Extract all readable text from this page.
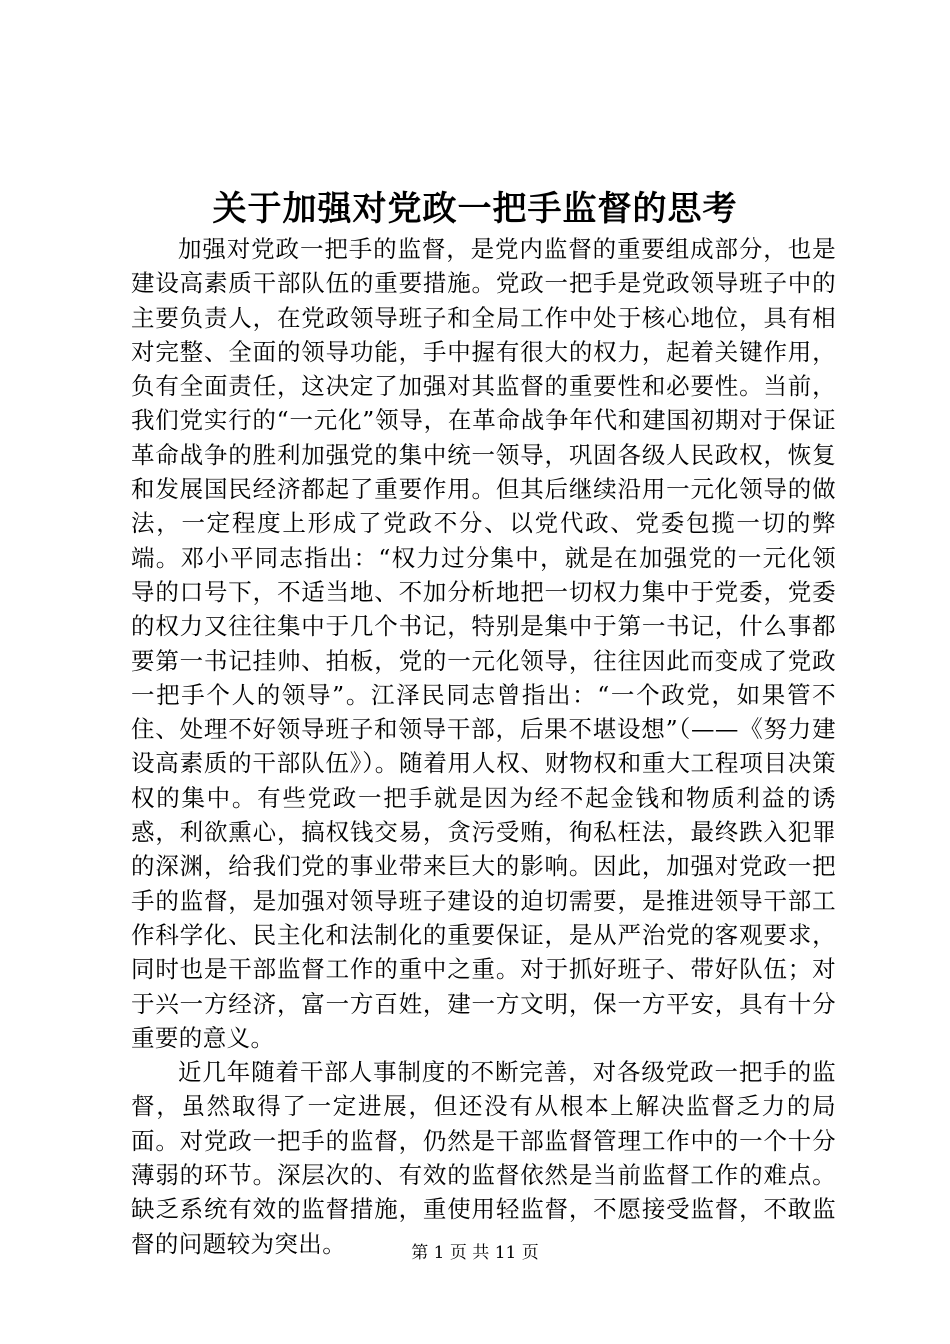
关于加强对党政一把手监督的思考

加强对党政一把手的监督，是党内监督的重要组成部分，也是建设高素质干部队伍的重要措施。党政一把手是党政领导班子中的主要负责人，在党政领导班子和全局工作中处于核心地位，具有相对完整、全面的领导功能，手中握有很大的权力，起着关键作用，负有全面责任，这决定了加强对其监督的重要性和必要性。当前，我们党实行的“一元化”领导，在革命战争年代和建国初期对于保证革命战争的胜利加强党的集中统一领导，巩固各级人民政权，恢复和发展国民经济都起了重要作用。但其后继续沿用一元化领导的做法，一定程度上形成了党政不分、以党代政、党委包揽一切的弊端。邓小平同志指出：“权力过分集中，就是在加强党的一元化领导的口号下，不适当地、不加分析地把一切权力集中于党委，党委的权力又往往集中于几个书记，特别是集中于第一书记，什么事都要第一书记挂帅、拍板，党的一元化领导，往往因此而变成了党政一把手个人的领导”。江泽民同志曾指出：“一个政党，如果管不住、处理不好领导班子和领导干部，后果不堪设想”（——《努力建设高素质的干部队伍》）。随着用人权、财物权和重大工程项目决策权的集中。有些党政一把手就是因为经不起金钱和物质利益的诱惑，利欲熏心，搞权钱交易，贪污受贿，徇私枉法，最终跌入犯罪的深渊，给我们党的事业带来巨大的影响。因此，加强对党政一把手的监督，是加强对领导班子建设的迫切需要，是推进领导干部工作科学化、民主化和法制化的重要保证，是从严治党的客观要求，同时也是干部监督工作的重中之重。对于抓好班子、带好队伍；对于兴一方经济，富一方百姓，建一方文明，保一方平安，具有十分重要的意义。

近几年随着干部人事制度的不断完善，对各级党政一把手的监督，虽然取得了一定进展，但还没有从根本上解决监督乏力的局面。对党政一把手的监督，仍然是干部监督管理工作中的一个十分薄弱的环节。深层次的、有效的监督依然是当前监督工作的难点。缺乏系统有效的监督措施，重使用轻监督，不愿接受监督，不敢监督的问题较为突出。	第 1 页 共 11 页
